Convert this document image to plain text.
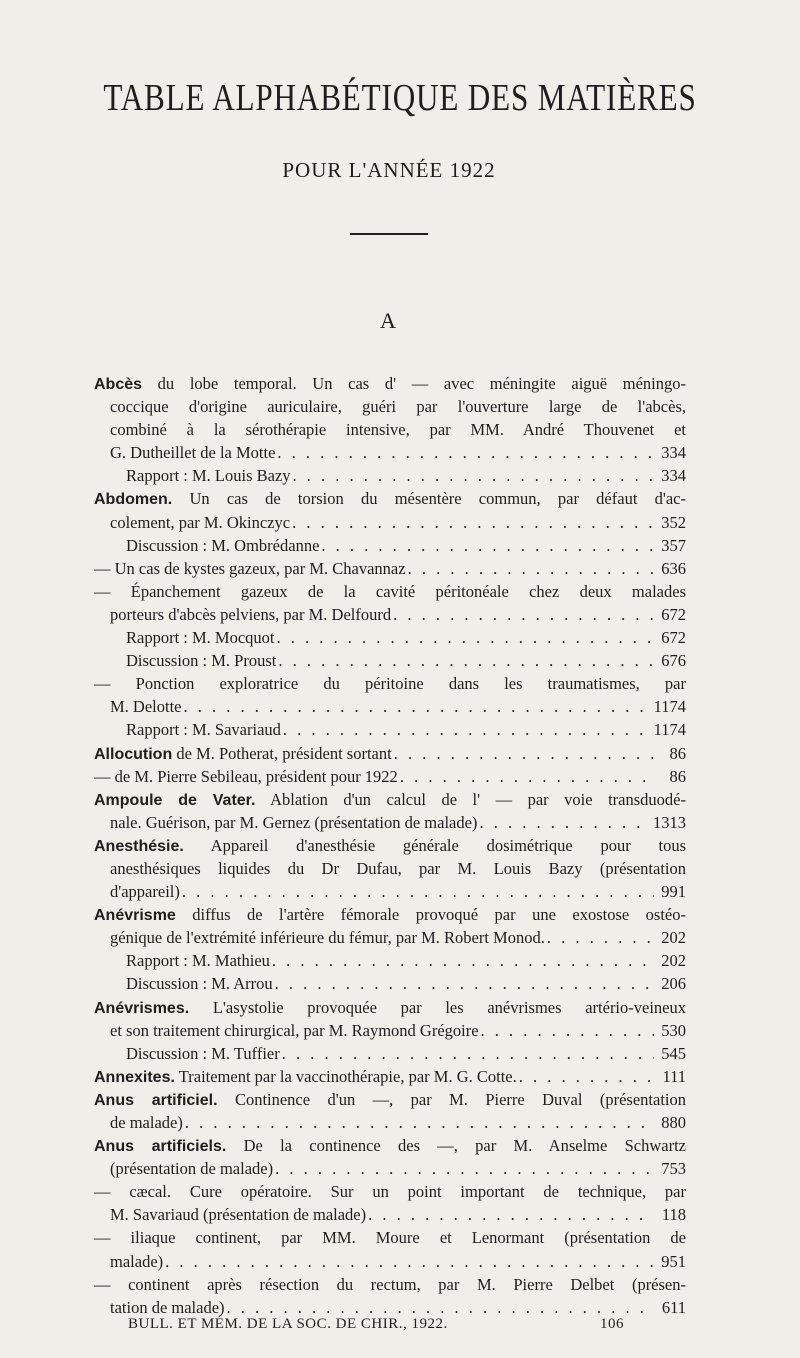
TABLE ALPHABÉTIQUE DES MATIÈRES
POUR L'ANNÉE 1922
A
Abcès du lobe temporal. Un cas d' — avec méningite aiguë méningo-
coccique d'origine auriculaire, guéri par l'ouverture large de l'abcès,
combiné à la sérothérapie intensive, par MM. André Thouvenet et
G. Dutheillet de la Motte . . .	334
Rapport : M. Louis Bazy . . .	334
Abdomen. Un cas de torsion du mésentère commun, par défaut d'ac-
colement, par M. Okinczyc . . .	352
Discussion : M. Ombrédanne . . .	357
— Un cas de kystes gazeux, par M. Chavannaz . . .	636
— Épanchement gazeux de la cavité péritonéale chez deux malades
porteurs d'abcès pelviens, par M. Delfourd . . .	672
Rapport : M. Mocquot . . .	672
Discussion : M. Proust . . .	676
— Ponction exploratrice du péritoine dans les traumatismes, par
M. Delotte . . .	1174
Rapport : M. Savariaud . . .	1174
Allocution de M. Potherat, président sortant . . .	86
— de M. Pierre Sebileau, président pour 1922 . . .	86
Ampoule de Vater. Ablation d'un calcul de l' — par voie transduodé-
nale. Guérison, par M. Gernez (présentation de malade) . . .	1313
Anesthésie. Appareil d'anesthésie générale dosimétrique pour tous
anesthésiques liquides du Dr Dufau, par M. Louis Bazy (présentation
d'appareil) . . .	991
Anévrisme diffus de l'artère fémorale provoqué par une exostose ostéo-
génique de l'extrémité inférieure du fémur, par M. Robert Monod. . . .	202
Rapport : M. Mathieu . . .	202
Discussion : M. Arrou . . .	206
Anévrismes. L'asystolie provoquée par les anévrismes artério-veineux
et son traitement chirurgical, par M. Raymond Grégoire . . .	530
Discussion : M. Tuffier . . .	545
Annexites. Traitement par la vaccinothérapie, par M. G. Cotte. . . .	111
Anus artificiel. Continence d'un —, par M. Pierre Duval (présentation
de malade) . . .	880
Anus artificiels. De la continence des —, par M. Anselme Schwartz
(présentation de malade) . . .	753
— cæcal. Cure opératoire. Sur un point important de technique, par
M. Savariaud (présentation de malade) . . .	118
— iliaque continent, par MM. Moure et Lenormant (présentation de
malade) . . .	951
— continent après résection du rectum, par M. Pierre Delbet (présen-
tation de malade) . . .	611
BULL. ET MÉM. DE LA SOC. DE CHIR., 1922.	106
